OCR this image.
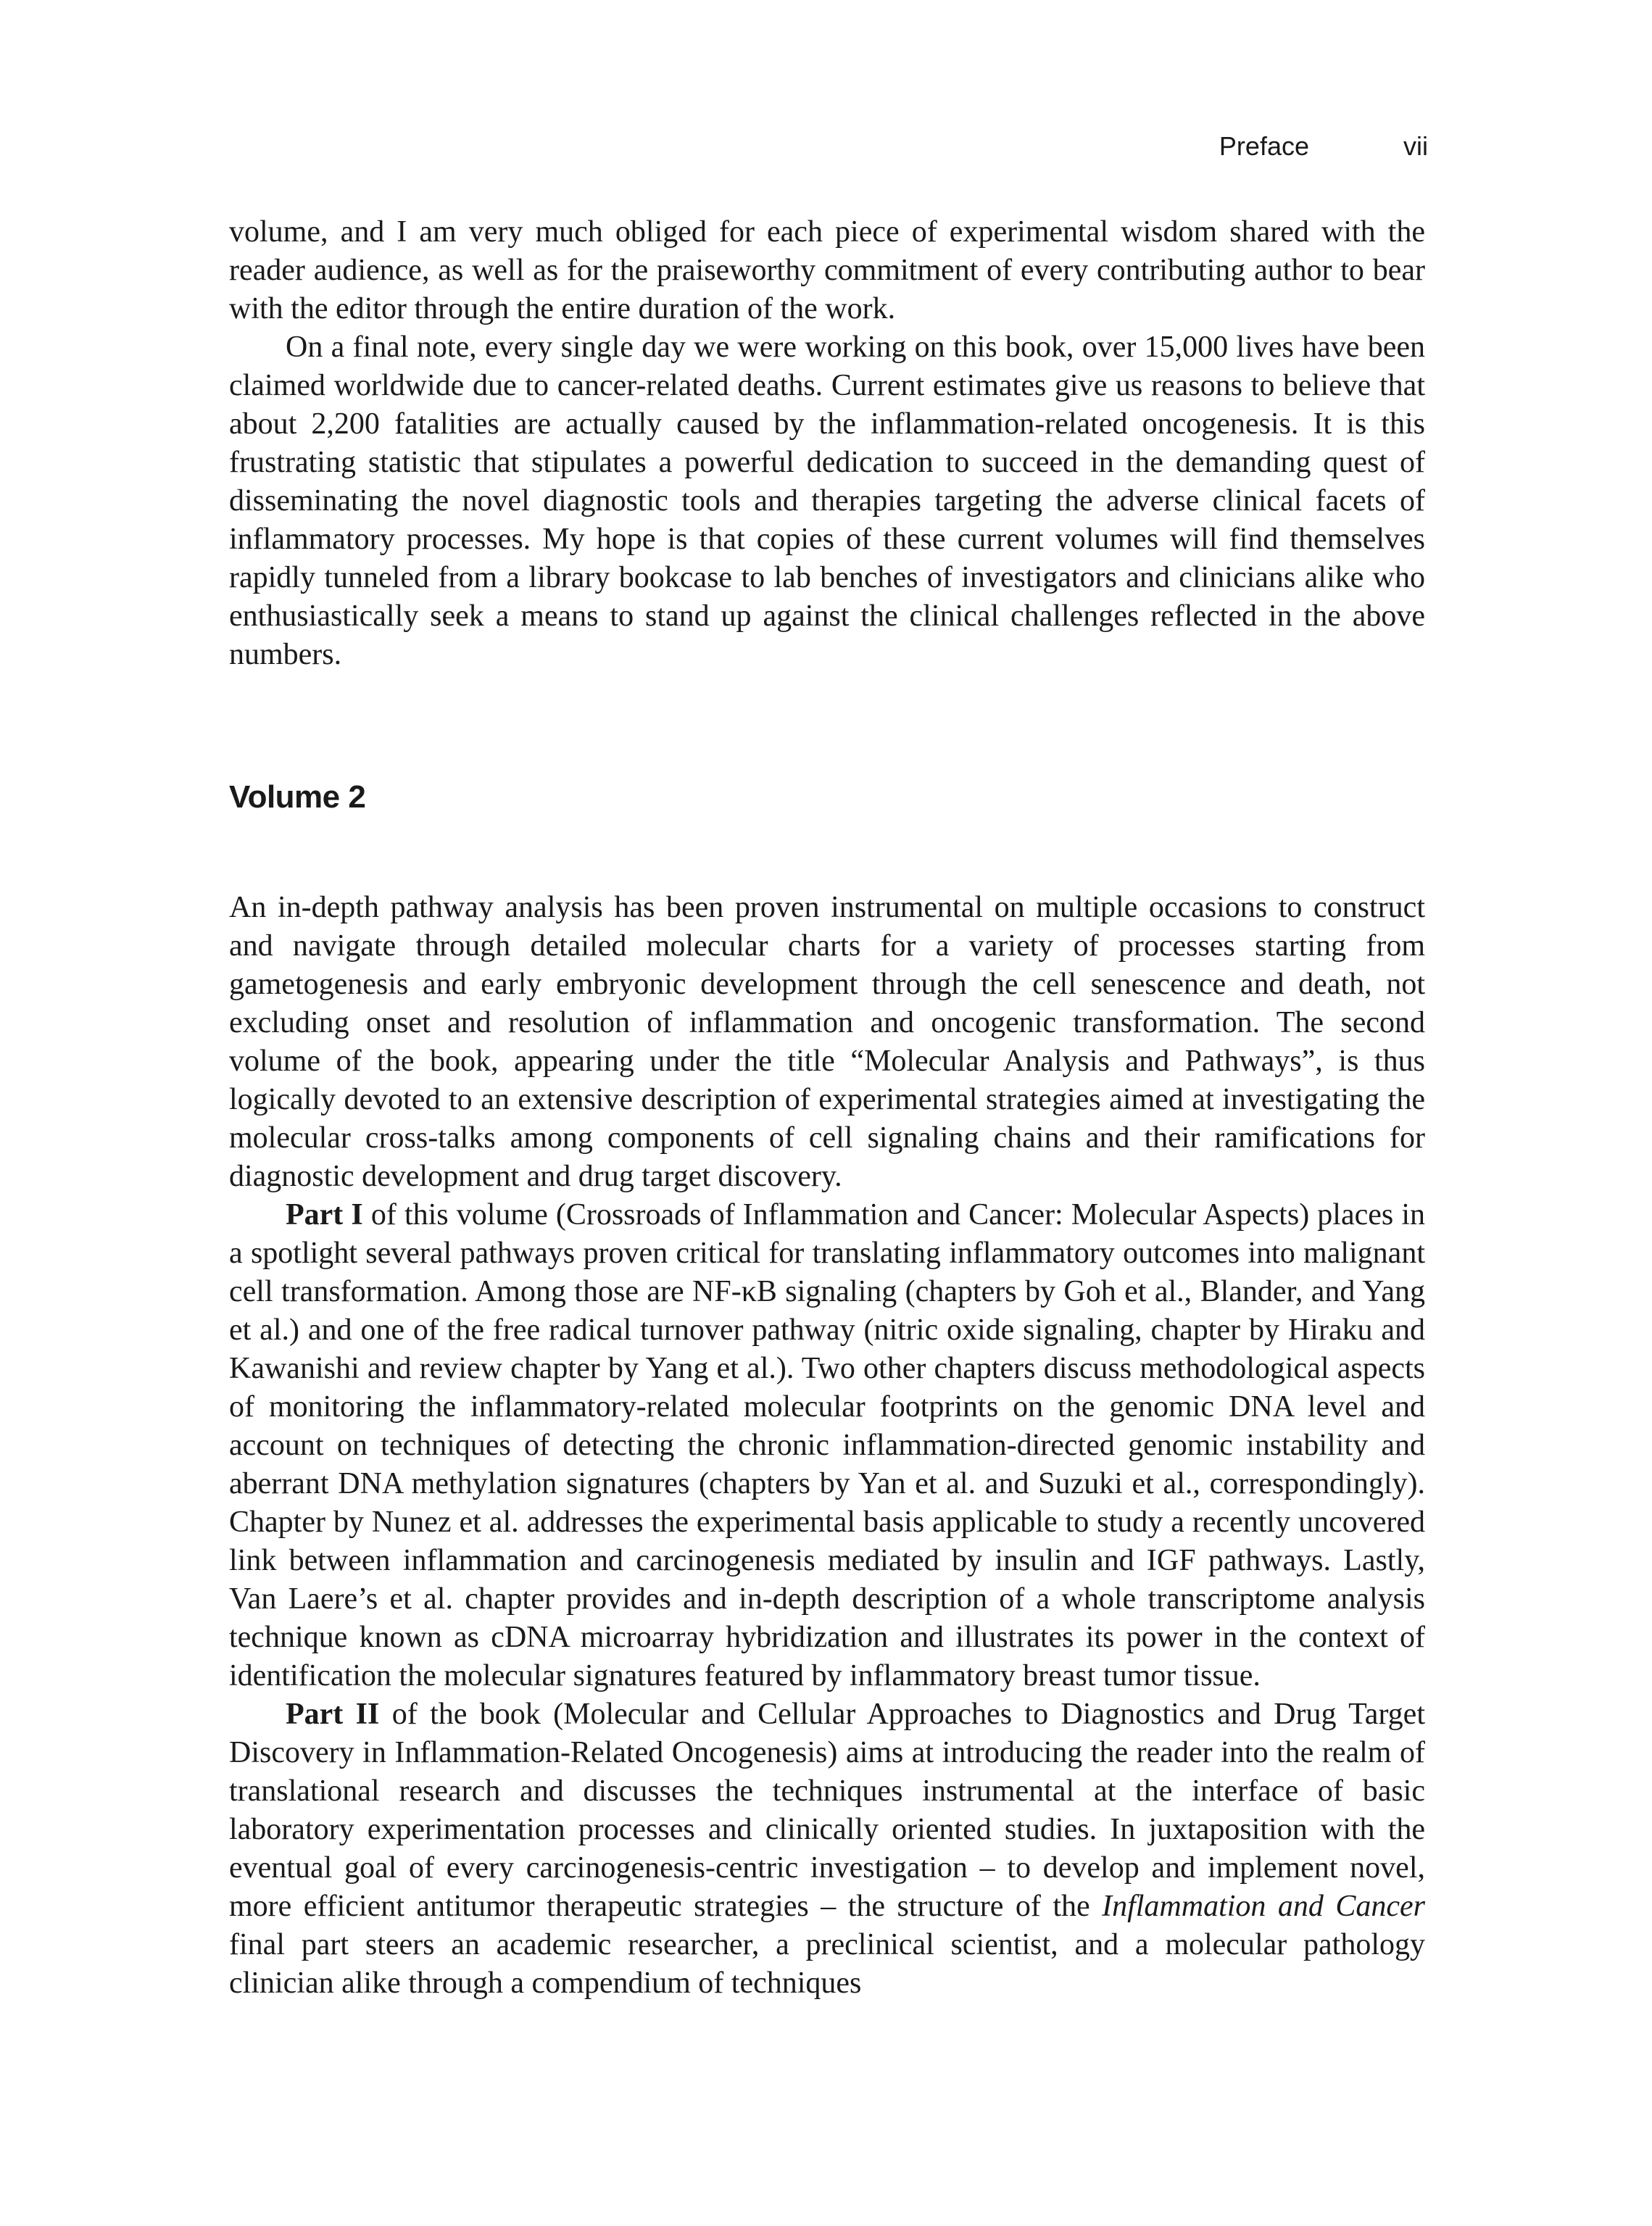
Preface	vii

volume, and I am very much obliged for each piece of experimental wisdom shared with the reader audience, as well as for the praiseworthy commitment of every contributing author to bear with the editor through the entire duration of the work.

On a final note, every single day we were working on this book, over 15,000 lives have been claimed worldwide due to cancer-related deaths. Current estimates give us reasons to believe that about 2,200 fatalities are actually caused by the inflammation-related oncogenesis. It is this frustrating statistic that stipulates a powerful dedication to succeed in the demanding quest of disseminating the novel diagnostic tools and therapies targeting the adverse clinical facets of inflammatory processes. My hope is that copies of these current volumes will find themselves rapidly tunneled from a library bookcase to lab benches of investigators and clinicians alike who enthusiastically seek a means to stand up against the clinical challenges reflected in the above numbers.

Volume 2

An in-depth pathway analysis has been proven instrumental on multiple occasions to construct and navigate through detailed molecular charts for a variety of processes starting from gametogenesis and early embryonic development through the cell senescence and death, not excluding onset and resolution of inflammation and oncogenic transformation. The second volume of the book, appearing under the title “Molecular Analysis and Pathways”, is thus logically devoted to an extensive description of experimental strategies aimed at investigating the molecular cross-talks among components of cell signaling chains and their ramifications for diagnostic development and drug target discovery.

Part I of this volume (Crossroads of Inflammation and Cancer: Molecular Aspects) places in a spotlight several pathways proven critical for translating inflammatory outcomes into malignant cell transformation. Among those are NF-κB signaling (chapters by Goh et al., Blander, and Yang et al.) and one of the free radical turnover pathway (nitric oxide signaling, chapter by Hiraku and Kawanishi and review chapter by Yang et al.). Two other chapters discuss methodological aspects of monitoring the inflammatory-related molecular footprints on the genomic DNA level and account on techniques of detecting the chronic inflammation-directed genomic instability and aberrant DNA methylation signatures (chapters by Yan et al. and Suzuki et al., correspondingly). Chapter by Nunez et al. addresses the experimental basis applicable to study a recently uncovered link between inflammation and carcinogenesis mediated by insulin and IGF pathways. Lastly, Van Laere’s et al. chapter provides and in-depth description of a whole transcriptome analysis technique known as cDNA microarray hybridization and illustrates its power in the context of identification the molecular signatures featured by inflammatory breast tumor tissue.

Part II of the book (Molecular and Cellular Approaches to Diagnostics and Drug Target Discovery in Inflammation-Related Oncogenesis) aims at introducing the reader into the realm of translational research and discusses the techniques instrumental at the interface of basic laboratory experimentation processes and clinically oriented studies. In juxtaposition with the eventual goal of every carcinogenesis-centric investigation – to develop and implement novel, more efficient antitumor therapeutic strategies – the structure of the Inflammation and Cancer final part steers an academic researcher, a preclinical scientist, and a molecular pathology clinician alike through a compendium of techniques
